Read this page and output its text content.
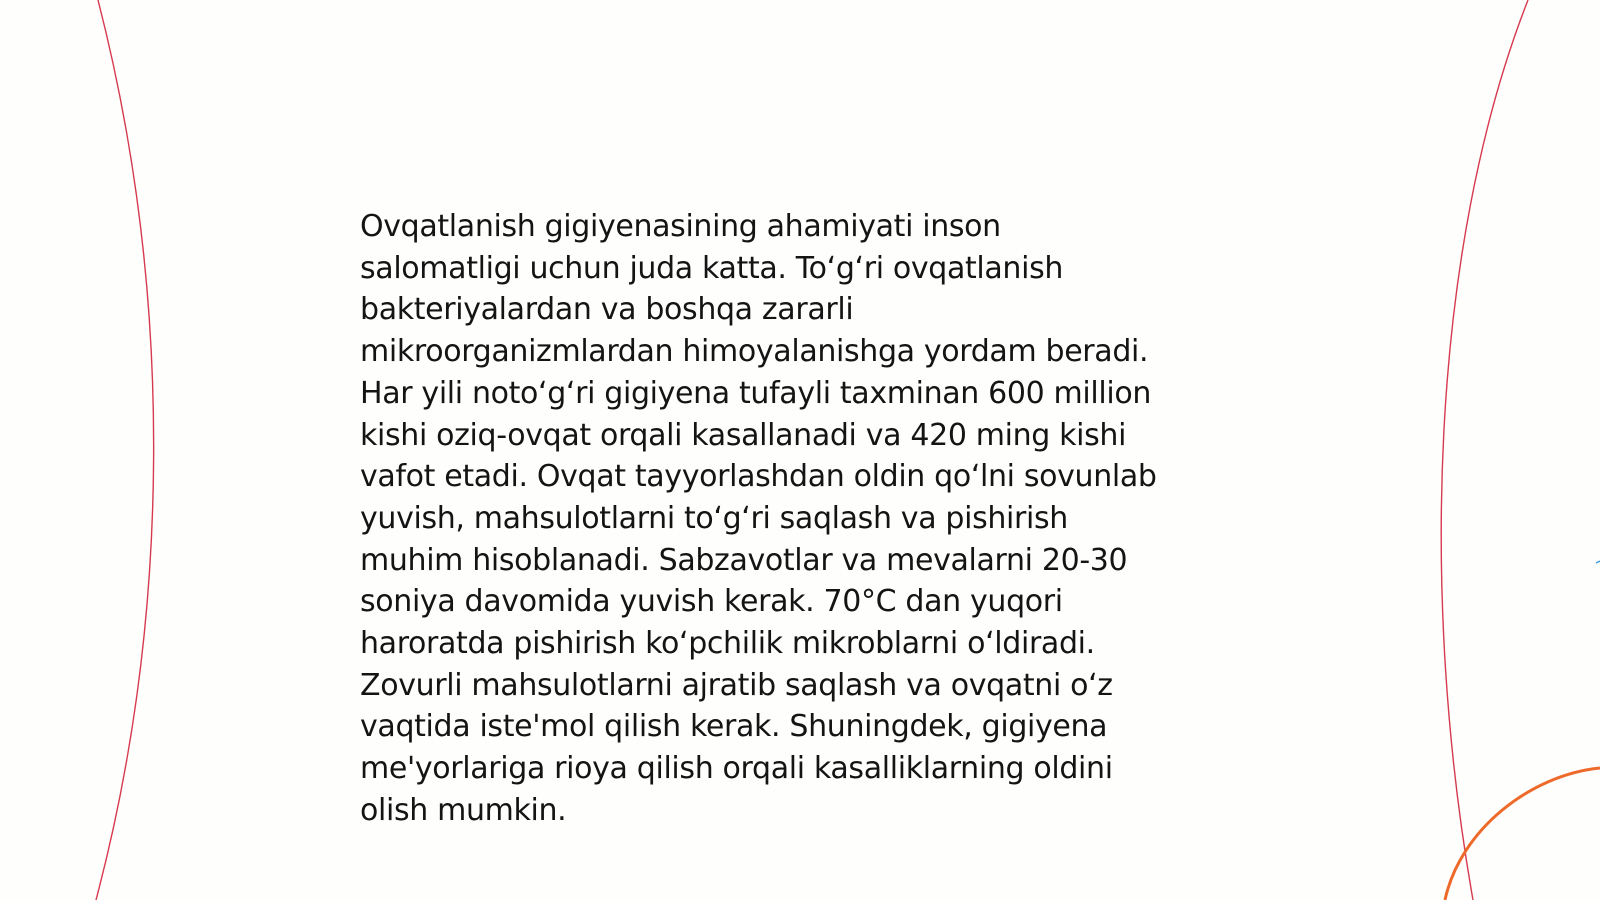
Ovqatlanish gigiyenasining ahamiyati inson
salomatligi uchun juda katta. To‘g‘ri ovqatlanish
bakteriyalardan va boshqa zararli
mikroorganizmlardan himoyalanishga yordam beradi.
Har yili noto‘g‘ri gigiyena tufayli taxminan 600 million
kishi oziq-ovqat orqali kasallanadi va 420 ming kishi
vafot etadi. Ovqat tayyorlashdan oldin qo‘lni sovunlab
yuvish, mahsulotlarni to‘g‘ri saqlash va pishirish
muhim hisoblanadi. Sabzavotlar va mevalarni 20-30
soniya davomida yuvish kerak. 70°C dan yuqori
haroratda pishirish ko‘pchilik mikroblarni o‘ldiradi.
Zovurli mahsulotlarni ajratib saqlash va ovqatni o‘z
vaqtida iste'mol qilish kerak. Shuningdek, gigiyena
me'yorlariga rioya qilish orqali kasalliklarning oldini
olish mumkin.
